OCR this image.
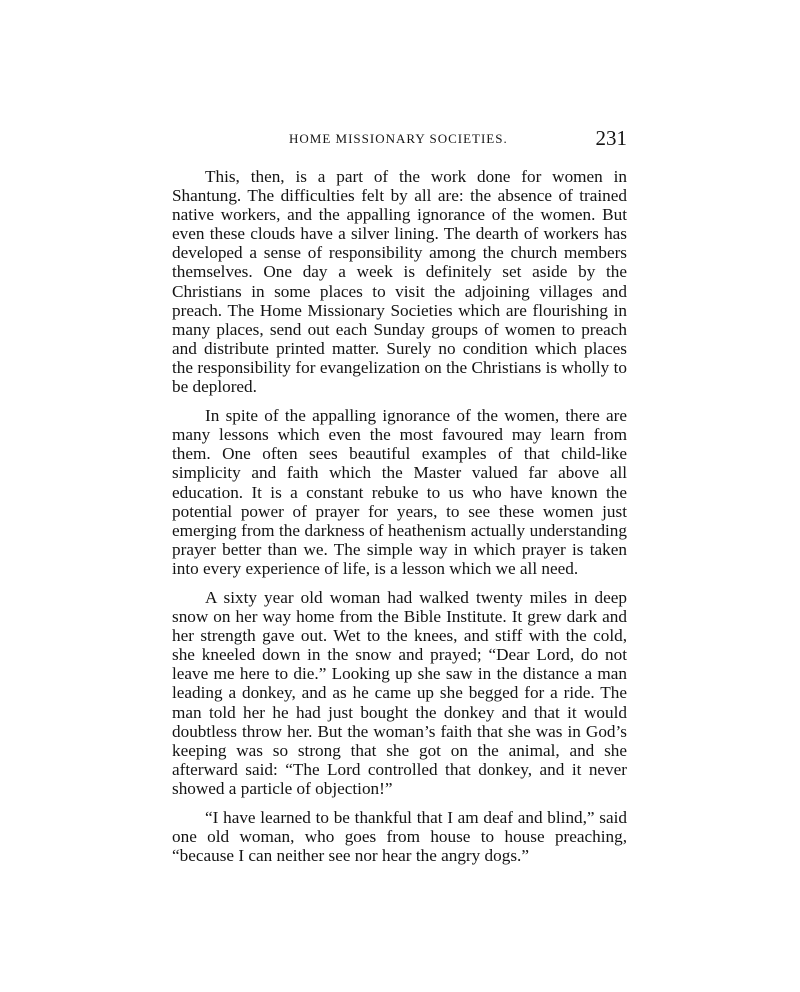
HOME MISSIONARY SOCIETIES.	231

This, then, is a part of the work done for women in Shantung. The difficulties felt by all are: the absence of trained native workers, and the appalling ignorance of the women. But even these clouds have a silver lining. The dearth of workers has developed a sense of responsibility among the church members themselves. One day a week is definitely set aside by the Christians in some places to visit the adjoining villages and preach. The Home Missionary Societies which are flourishing in many places, send out each Sunday groups of women to preach and distribute printed matter. Surely no condition which places the responsibility for evangelization on the Christians is wholly to be deplored.

In spite of the appalling ignorance of the women, there are many lessons which even the most favoured may learn from them. One often sees beautiful examples of that child-like simplicity and faith which the Master valued far above all education. It is a constant rebuke to us who have known the potential power of prayer for years, to see these women just emerging from the darkness of heathenism actually understanding prayer better than we. The simple way in which prayer is taken into every experience of life, is a lesson which we all need.

A sixty year old woman had walked twenty miles in deep snow on her way home from the Bible Institute. It grew dark and her strength gave out. Wet to the knees, and stiff with the cold, she kneeled down in the snow and prayed; “Dear Lord, do not leave me here to die.” Looking up she saw in the distance a man leading a donkey, and as he came up she begged for a ride. The man told her he had just bought the donkey and that it would doubtless throw her. But the woman’s faith that she was in God’s keeping was so strong that she got on the animal, and she afterward said: “The Lord controlled that donkey, and it never showed a particle of objection!”

“I have learned to be thankful that I am deaf and blind,” said one old woman, who goes from house to house preaching, “because I can neither see nor hear the angry dogs.”
